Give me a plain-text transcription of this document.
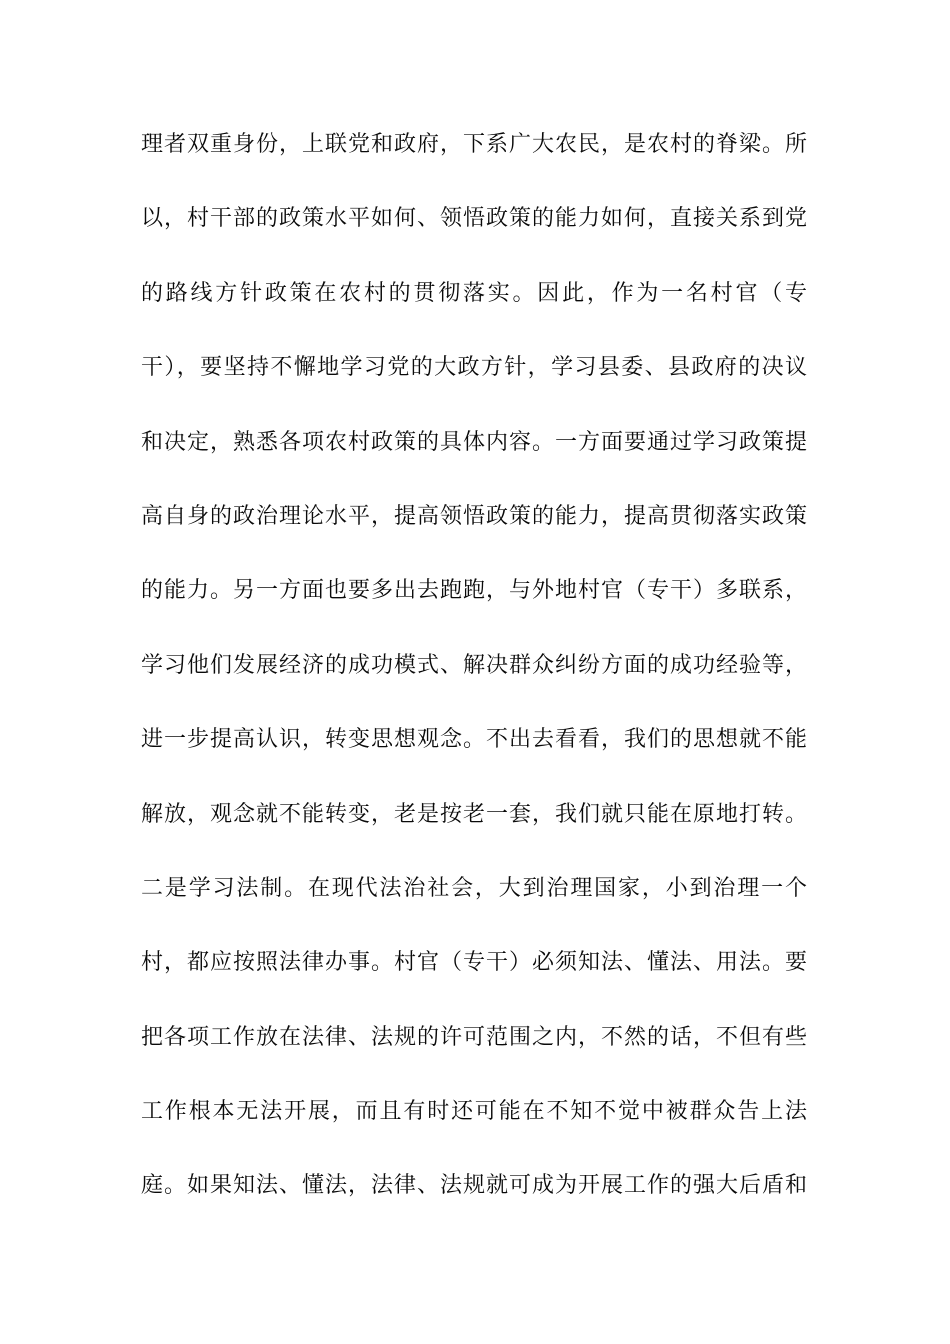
理者双重身份，上联党和政府，下系广大农民，是农村的脊梁。所
以，村干部的政策水平如何、领悟政策的能力如何，直接关系到党
的路线方针政策在农村的贯彻落实。因此，作为一名村官（专
干），要坚持不懈地学习党的大政方针，学习县委、县政府的决议
和决定，熟悉各项农村政策的具体内容。一方面要通过学习政策提
高自身的政治理论水平，提高领悟政策的能力，提高贯彻落实政策
的能力。另一方面也要多出去跑跑，与外地村官（专干）多联系，
学习他们发展经济的成功模式、解决群众纠纷方面的成功经验等，
进一步提高认识，转变思想观念。不出去看看，我们的思想就不能
解放，观念就不能转变，老是按老一套，我们就只能在原地打转。
二是学习法制。在现代法治社会，大到治理国家，小到治理一个
村，都应按照法律办事。村官（专干）必须知法、懂法、用法。要
把各项工作放在法律、法规的许可范围之内，不然的话，不但有些
工作根本无法开展，而且有时还可能在不知不觉中被群众告上法
庭。如果知法、懂法，法律、法规就可成为开展工作的强大后盾和
